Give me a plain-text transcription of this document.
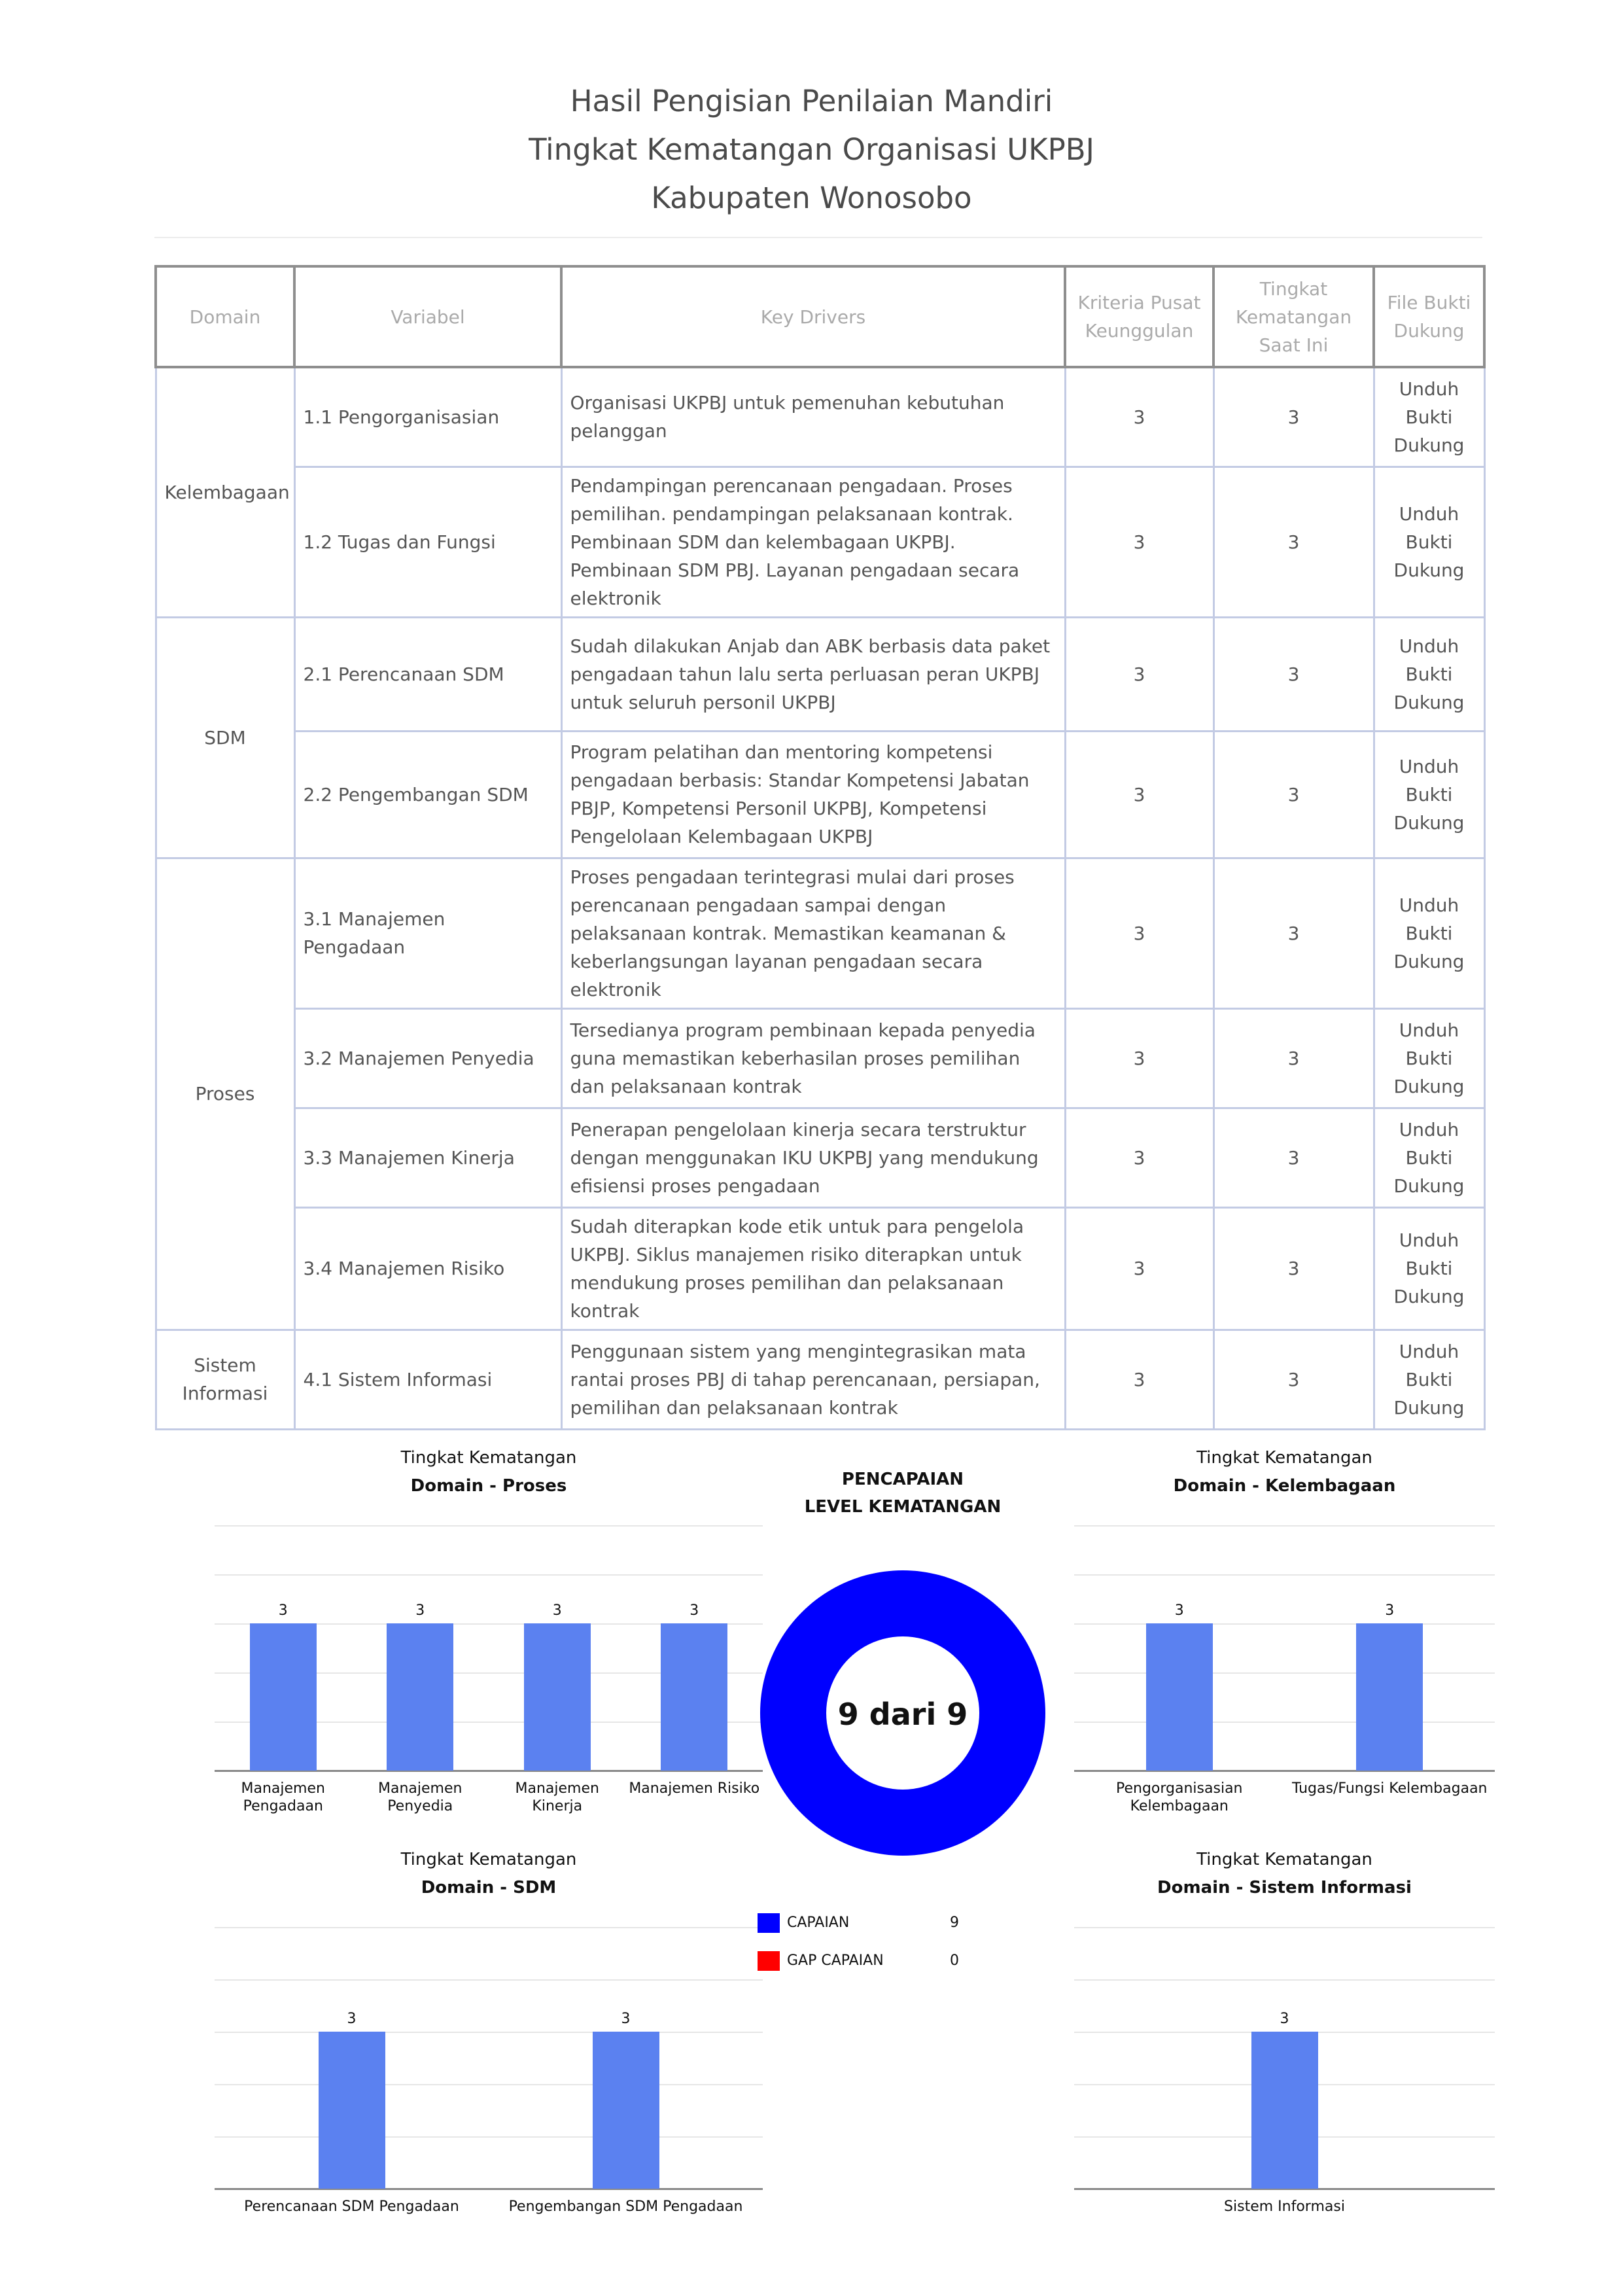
Hasil Pengisian Penilaian Mandiri
Tingkat Kematangan Organisasi UKPBJ
Kabupaten Wonosobo
Domain	Variabel	Key Drivers	Kriteria Pusat Keunggulan	Tingkat Kematangan Saat Ini	File Bukti Dukung
Kelembagaan	1.1 Pengorganisasian	Organisasi UKPBJ untuk pemenuhan kebutuhan pelanggan	3	3	Unduh Bukti Dukung
	1.2 Tugas dan Fungsi	Pendampingan perencanaan pengadaan. Proses pemilihan. pendampingan pelaksanaan kontrak. Pembinaan SDM dan kelembagaan UKPBJ. Pembinaan SDM PBJ. Layanan pengadaan secara elektronik	3	3	Unduh Bukti Dukung
SDM	2.1 Perencanaan SDM	Sudah dilakukan Anjab dan ABK berbasis data paket pengadaan tahun lalu serta perluasan peran UKPBJ untuk seluruh personil UKPBJ	3	3	Unduh Bukti Dukung
	2.2 Pengembangan SDM	Program pelatihan dan mentoring kompetensi pengadaan berbasis: Standar Kompetensi Jabatan PBJP, Kompetensi Personil UKPBJ, Kompetensi Pengelolaan Kelembagaan UKPBJ	3	3	Unduh Bukti Dukung
Proses	3.1 Manajemen Pengadaan	Proses pengadaan terintegrasi mulai dari proses perencanaan pengadaan sampai dengan pelaksanaan kontrak. Memastikan keamanan & keberlangsungan layanan pengadaan secara elektronik	3	3	Unduh Bukti Dukung
	3.2 Manajemen Penyedia	Tersedianya program pembinaan kepada penyedia guna memastikan keberhasilan proses pemilihan dan pelaksanaan kontrak	3	3	Unduh Bukti Dukung
	3.3 Manajemen Kinerja	Penerapan pengelolaan kinerja secara terstruktur dengan menggunakan IKU UKPBJ yang mendukung efisiensi proses pengadaan	3	3	Unduh Bukti Dukung
	3.4 Manajemen Risiko	Sudah diterapkan kode etik untuk para pengelola UKPBJ. Siklus manajemen risiko diterapkan untuk mendukung proses pemilihan dan pelaksanaan kontrak	3	3	Unduh Bukti Dukung
Sistem Informasi	4.1 Sistem Informasi	Penggunaan sistem yang mengintegrasikan mata rantai proses PBJ di tahap perencanaan, persiapan, pemilihan dan pelaksanaan kontrak	3	3	Unduh Bukti Dukung
Tingkat Kematangan
Domain - Proses
3
Manajemen Pengadaan
3
Manajemen Penyedia
3
Manajemen Kinerja
3
Manajemen Risiko
Tingkat Kematangan
Domain - Kelembagaan
3
Pengorganisasian Kelembagaan
3
Tugas/Fungsi Kelembagaan
Tingkat Kematangan
Domain - SDM
3
Perencanaan SDM Pengadaan
3
Pengembangan SDM Pengadaan
Tingkat Kematangan
Domain - Sistem Informasi
3
Sistem Informasi
PENCAPAIAN
LEVEL KEMATANGAN
9 dari 9
CAPAIAN	9
GAP CAPAIAN	0
